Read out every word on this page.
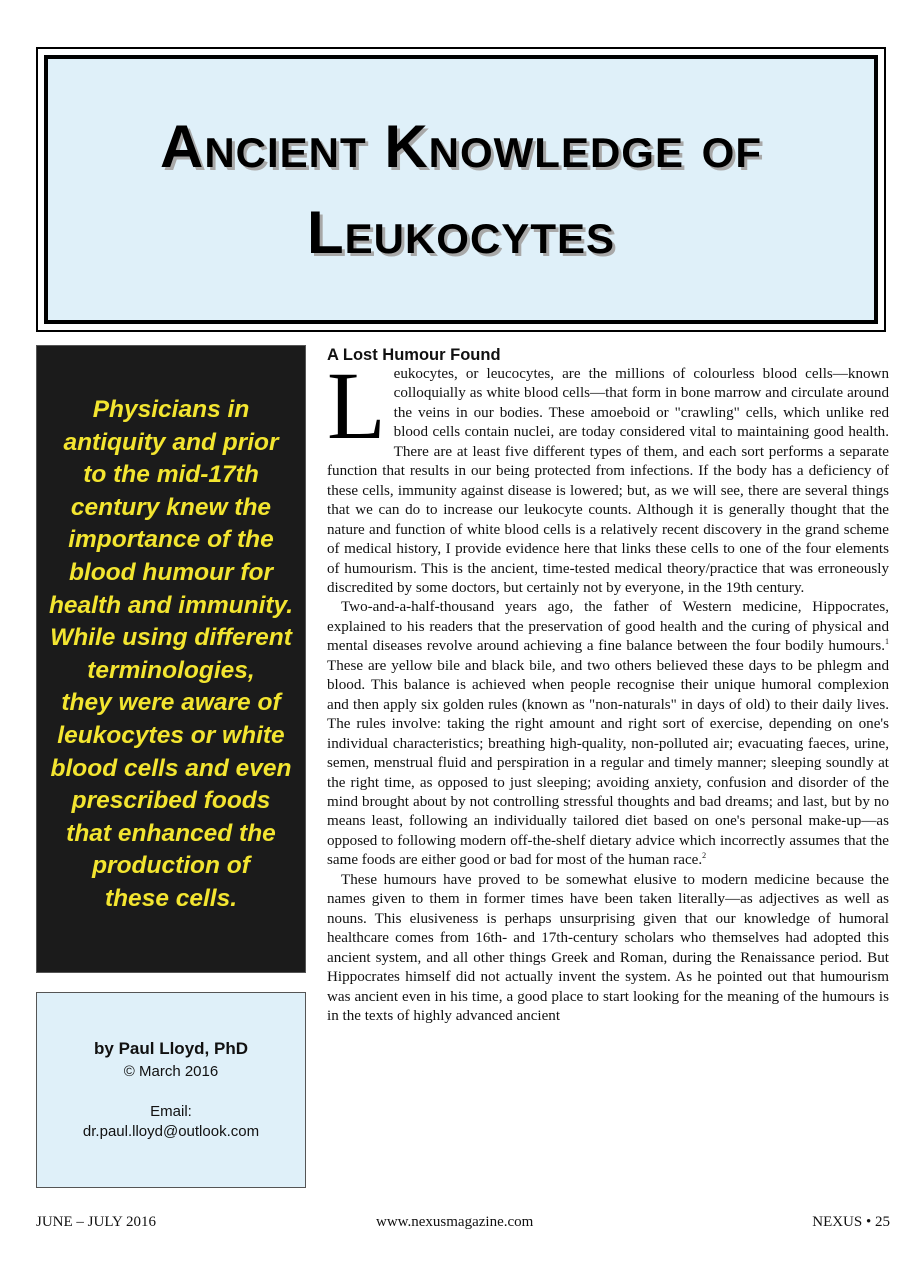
Ancient Knowledge of
Leukocytes
Physicians in
antiquity and prior
to the mid-17th
century knew the
importance of the
blood humour for
health and immunity.
While using different
terminologies,
they were aware of
leukocytes or white
blood cells and even
prescribed foods
that enhanced the
production of
these cells.
by Paul Lloyd, PhD
© March 2016
Email:
dr.paul.lloyd@outlook.com
A Lost Humour Found

Leukocytes, or leucocytes, are the millions of colourless blood cells—known colloquially as white blood cells—that form in bone marrow and circulate around the veins in our bodies. These amoeboid or "crawling" cells, which unlike red blood cells contain nuclei, are today considered vital to maintaining good health. There are at least five different types of them, and each sort performs a separate function that results in our being protected from infections. If the body has a deficiency of these cells, immunity against disease is lowered; but, as we will see, there are several things that we can do to increase our leukocyte counts. Although it is generally thought that the nature and function of white blood cells is a relatively recent discovery in the grand scheme of medical history, I provide evidence here that links these cells to one of the four elements of humourism. This is the ancient, time-tested medical theory/practice that was erroneously discredited by some doctors, but certainly not by everyone, in the 19th century.

Two-and-a-half-thousand years ago, the father of Western medicine, Hippocrates, explained to his readers that the preservation of good health and the curing of physical and mental diseases revolve around achieving a fine balance between the four bodily humours.$^1$ These are yellow bile and black bile, and two others believed these days to be phlegm and blood. This balance is achieved when people recognise their unique humoral complexion and then apply six golden rules (known as "non-naturals" in days of old) to their daily lives. The rules involve: taking the right amount and right sort of exercise, depending on one's individual characteristics; breathing high-quality, non-polluted air; evacuating faeces, urine, semen, menstrual fluid and perspiration in a regular and timely manner; sleeping soundly at the right time, as opposed to just sleeping; avoiding anxiety, confusion and disorder of the mind brought about by not controlling stressful thoughts and bad dreams; and last, but by no means least, following an individually tailored diet based on one's personal make-up—as opposed to following modern off-the-shelf dietary advice which incorrectly assumes that the same foods are either good or bad for most of the human race.$^2$

These humours have proved to be somewhat elusive to modern medicine because the names given to them in former times have been taken literally—as adjectives as well as nouns. This elusiveness is perhaps unsurprising given that our knowledge of humoral healthcare comes from 16th- and 17th-century scholars who themselves had adopted this ancient system, and all other things Greek and Roman, during the Renaissance period. But Hippocrates himself did not actually invent the system. As he pointed out that humourism was ancient even in his time, a good place to start looking for the meaning of the humours is in the texts of highly advanced ancient

JUNE – JULY 2016	www.nexusmagazine.com	NEXUS • 25
